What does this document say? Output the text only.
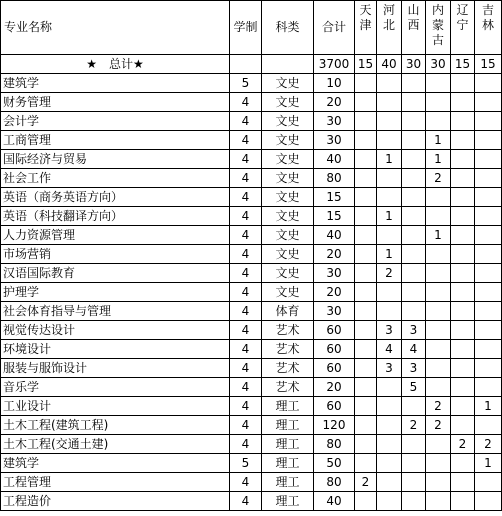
专业名称	学制	科类	合计	天津	河北	山西	内蒙古	辽宁	吉林

★　总计★			3700	15	40	30	30	15	15
建筑学	5	文史	10						
财务管理	4	文史	20						
会计学	4	文史	30						
工商管理	4	文史	30				1		
国际经济与贸易	4	文史	40		1		1		
社会工作	4	文史	80				2		
英语（商务英语方向）	4	文史	15						
英语（科技翻译方向）	4	文史	15		1				
人力资源管理	4	文史	40				1		
市场营销	4	文史	20		1				
汉语国际教育	4	文史	30		2				
护理学	4	文史	20						
社会体育指导与管理	4	体育	30						
视觉传达设计	4	艺术	60		3	3			
环境设计	4	艺术	60		4	4			
服装与服饰设计	4	艺术	60		3	3			
音乐学	4	艺术	20			5			
工业设计	4	理工	60				2		1
土木工程(建筑工程)	4	理工	120			2	2		
土木工程(交通土建)	4	理工	80					2	2
建筑学	5	理工	50						1
工程管理	4	理工	80	2					
工程造价	4	理工	40						
